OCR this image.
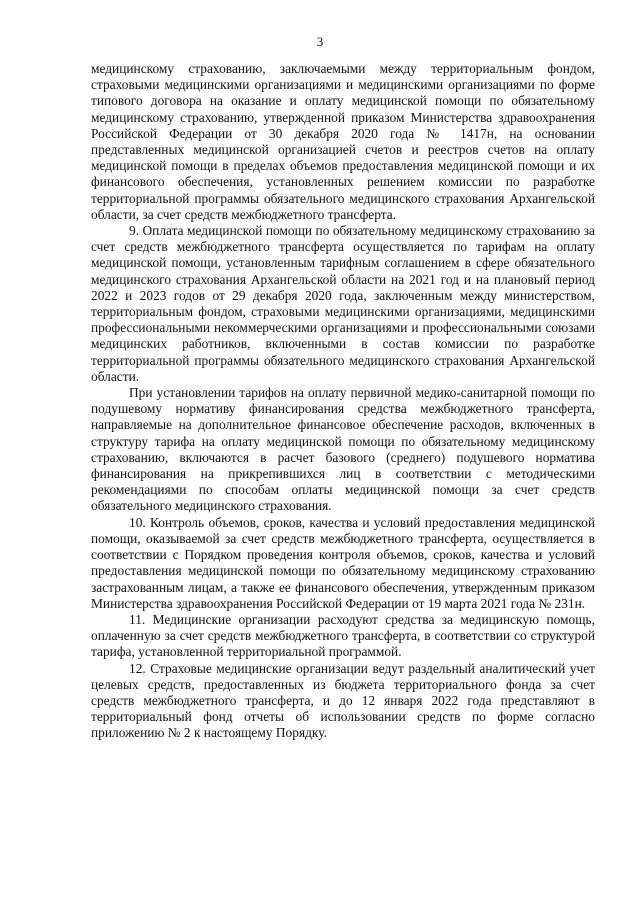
3

медицинскому страхованию, заключаемыми между территориальным фондом, страховыми медицинскими организациями и медицинскими организациями по форме типового договора на оказание и оплату медицинской помощи по обязательному медицинскому страхованию, утвержденной приказом Министерства здравоохранения Российской Федерации от 30 декабря 2020 года № 1417н, на основании представленных медицинской организацией счетов и реестров счетов на оплату медицинской помощи в пределах объемов предоставления медицинской помощи и их финансового обеспечения, установленных решением комиссии по разработке территориальной программы обязательного медицинского страхования Архангельской области, за счет средств межбюджетного трансферта.

9. Оплата медицинской помощи по обязательному медицинскому страхованию за счет средств межбюджетного трансферта осуществляется по тарифам на оплату медицинской помощи, установленным тарифным соглашением в сфере обязательного медицинского страхования Архангельской области на 2021 год и на плановый период 2022 и 2023 годов от 29 декабря 2020 года, заключенным между министерством, территориальным фондом, страховыми медицинскими организациями, медицинскими профессиональными некоммерческими организациями и профессиональными союзами медицинских работников, включенными в состав комиссии по разработке территориальной программы обязательного медицинского страхования Архангельской области.

При установлении тарифов на оплату первичной медико-санитарной помощи по подушевому нормативу финансирования средства межбюджетного трансферта, направляемые на дополнительное финансовое обеспечение расходов, включенных в структуру тарифа на оплату медицинской помощи по обязательному медицинскому страхованию, включаются в расчет базового (среднего) подушевого норматива финансирования на прикрепившихся лиц в соответствии с методическими рекомендациями по способам оплаты медицинской помощи за счет средств обязательного медицинского страхования.

10. Контроль объемов, сроков, качества и условий предоставления медицинской помощи, оказываемой за счет средств межбюджетного трансферта, осуществляется в соответствии с Порядком проведения контроля объемов, сроков, качества и условий предоставления медицинской помощи по обязательному медицинскому страхованию застрахованным лицам, а также ее финансового обеспечения, утвержденным приказом Министерства здравоохранения Российской Федерации от 19 марта 2021 года № 231н.

11. Медицинские организации расходуют средства за медицинскую помощь, оплаченную за счет средств межбюджетного трансферта, в соответствии со структурой тарифа, установленной территориальной программой.

12. Страховые медицинские организации ведут раздельный аналитический учет целевых средств, предоставленных из бюджета территориального фонда за счет средств межбюджетного трансферта, и до 12 января 2022 года представляют в территориальный фонд отчеты об использовании средств по форме согласно приложению № 2 к настоящему Порядку.
